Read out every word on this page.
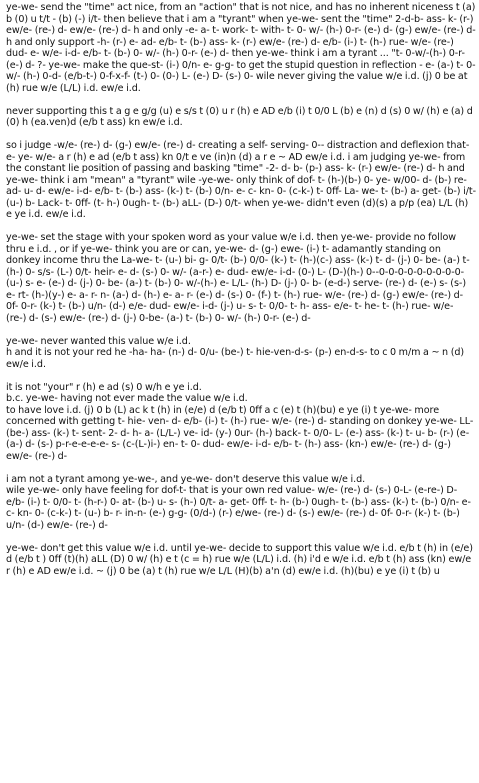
ye-we- send the "time" act nice, from an "action" that is not nice, and has no inherent niceness t (a) b (0) u t/t - (b) (-) i/t- then believe that i am a "tyrant" when ye-we- sent the "time" 2-d-b- ass- k- (r-) ew/e- (re-) d- ew/e- (re-) d- h and only -e- a- t- work- t- with- t- 0- w/- (h-) 0-r- (e-) d- (g-) ew/e- (re-) d- h and only support -h- (r-) e- ad- e/b- t- (b-) ass- k- (r-) ew/e- (re-) d- e/b- (i-) t- (h-) rue- w/e- (re-) dud- e- w/e- i-d- e/b- t- (b-) 0- w/- (h-) 0-r- (e-) d- then ye-we- think i am a tyrant ... "t- 0-w/-(h-) 0-r- (e-) d- ?- ye-we- make the que-st- (i-) 0/n- e- g-g- to get the stupid question in reflection - e- (a-) t- 0- w/- (h-) 0-d- (e/b-t-) 0-f-x-f- (t-) 0- (0-) L- (e-) D- (s-) 0- wile never giving the value w/e i.d. (j) 0 be at (h) rue w/e (L/L) i.d. ew/e i.d.

never supporting this t a g e g/g (u) e s/s t (0) u r (h) e AD e/b (i) t 0/0 L (b) e (n) d (s) 0 w/ (h) e (a) d (0) h (ea.ven)d (e/b t ass) kn ew/e i.d.

so i judge -w/e- (re-) d- (g-) ew/e- (re-) d- creating a self- serving- 0-- distraction and deflexion that- e- ye- w/e- a r (h) e ad (e/b t ass) kn 0/t e ve (in)n (d) a r e ~ AD ew/e i.d. i am judging ye-we- from the constant lie position of passing and basking "time" -2- d- b- (p-) ass- k- (r-) ew/e- (re-) d- h and ye-we- think i am "mean" a "tyrant" wile -ye-we- only think of dof- t- (h-)(b-) 0- ye- w/00- d- (b-) re- ad- u- d- ew/e- i-d- e/b- t- (b-) ass- (k-) t- (b-) 0/n- e- c- kn- 0- (c-k-) t- 0ff- La- we- t- (b-) a- get- (b-) i/t- (u-) b- Lack- t- 0ff- (t- h-) 0ugh- t- (b-) aLL- (D-) 0/t- when ye-we- didn't even (d)(s) a p/p (ea) L/L (h) e ye i.d. ew/e i.d.

ye-we- set the stage with your spoken word as your value w/e i.d. then ye-we- provide no follow thru e i.d. , or if ye-we- think you are or can, ye-we- d- (g-) ewe- (i-) t- adamantly standing on donkey income thru the La-we- t- (u-) bi- g- 0/t- (b-) 0/0- (k-) t- (h-)(c-) ass- (k-) t- d- (j-) 0- be- (a-) t- (h-) 0- s/s- (L-) 0/t- heir- e- d- (s-) 0- w/- (a-r-) e- dud- ew/e- i-d- (0-) L- (D-)(h-) 0--0-0-0-0-0-0-0-0-0- (u-) s- e- (e-) d- (j-) 0- be- (a-) t- (b-) 0- w/-(h-) e- L/L- (h-) D- (j-) 0- b- (e-d-) serve- (re-) d- (e-) s- (s-) e- rt- (h-)(y-) e- a- r- n- (a-) d- (h-) e- a- r- (e-) d- (s-) 0- (f-) t- (h-) rue- w/e- (re-) d- (g-) ew/e- (re-) d- 0f- 0-r- (k-) t- (b-) u/n- (d-) e/e- dud- ew/e- i-d- (j-) u- s- t- 0/0- t- h- ass- e/e- t- he- t- (h-) rue- w/e- (re-) d- (s-) ew/e- (re-) d- (j-) 0-be- (a-) t- (b-) 0- w/- (h-) 0-r- (e-) d-

ye-we- never wanted this value w/e i.d.
h and it is not your red he -ha- ha- (n-) d- 0/u- (be-) t- hie-ven-d-s- (p-) en-d-s- to c 0 m/m a ~ n (d) ew/e i.d.

it is not "your" r (h) e ad (s) 0 w/h e ye i.d.
b.c. ye-we- having not ever made the value w/e i.d.
to have love i.d. (j) 0 b (L) ac k t (h) in (e/e) d (e/b t) 0ff a c (e) t (h)(bu) e ye (i) t ye-we- more concerned with getting t- hie- ven- d- e/b- (i-) t- (h-) rue- w/e- (re-) d- standing on donkey ye-we- LL- (be-) ass- (k-) t- sent- 2- d- h- a- (L/L-) ve- id- (y-) 0ur- (h-) back- t- 0/0- L- (e-) ass- (k-) t- u- b- (r-) (e- (a-) d- (s-) p-r-e-e-e-e- s- (c-(L-)i-) en- t- 0- dud- ew/e- i-d- e/b- t- (h-) ass- (kn-) ew/e- (re-) d- (g-) ew/e- (re-) d-

i am not a tyrant among ye-we-, and ye-we- don't deserve this value w/e i.d.
wile ye-we- only have feeling for dof-t- that is your own red value- w/e- (re-) d- (s-) 0-L- (e-re-) D- e/b- (i-) t- 0/0- t- (h-r-) 0- at- (b-) u- s- (h-) 0/t- a- get- 0ff- t- h- (b-) 0ugh- t- (b-) ass- (k-) t- (b-) 0/n- e- c- kn- 0- (c-k-) t- (u-) b- r- in-n- (e-) g-g- (0/d-) (r-) e/we- (re-) d- (s-) ew/e- (re-) d- 0f- 0-r- (k-) t- (b-) u/n- (d-) ew/e- (re-) d-

ye-we- don't get this value w/e i.d. until ye-we- decide to support this value w/e i.d. e/b t (h) in (e/e) d (e/b t ) 0ff (t)(h) aLL (D) 0 w/ (h) e t (c = h) rue w/e (L/L) i.d. (h) i'd e w/e i.d. e/b t (h) ass (kn) ew/e r (h) e AD ew/e i.d. ~ (j) 0 be (a) t (h) rue w/e L/L (H)(b) a'n (d) ew/e i.d. (h)(bu) e ye (i) t (b) u
